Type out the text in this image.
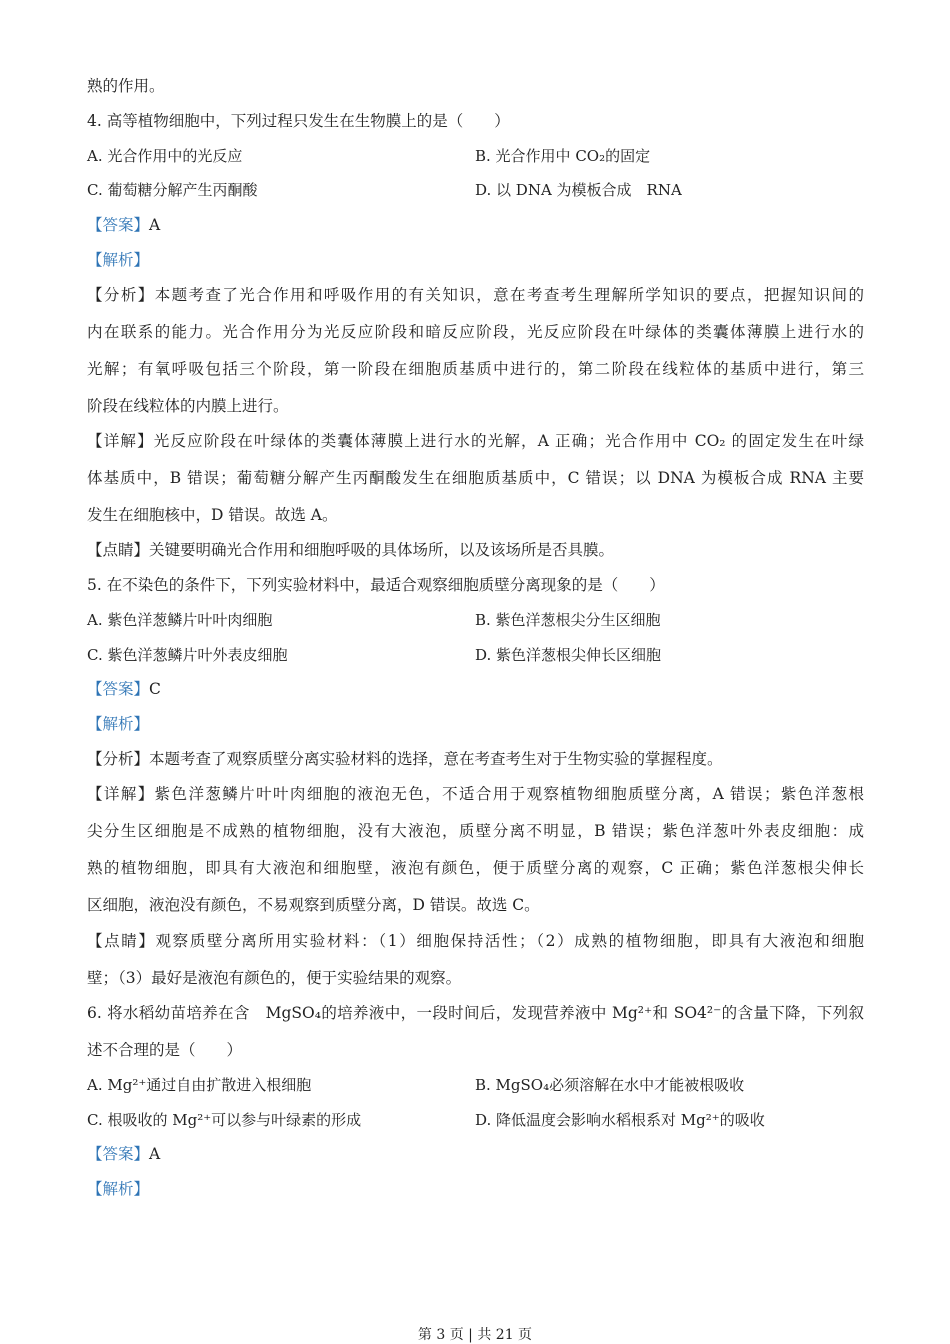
熟的作用。
4. 高等植物细胞中，下列过程只发生在生物膜上的是（　　）
A. 光合作用中的光反应	B. 光合作用中 CO₂的固定
C. 葡萄糖分解产生丙酮酸	D. 以 DNA 为模板合成　RNA
【答案】A
【解析】
【分析】本题考查了光合作用和呼吸作用的有关知识，意在考查考生理解所学知识的要点，把握知识间的
内在联系的能力。光合作用分为光反应阶段和暗反应阶段，光反应阶段在叶绿体的类囊体薄膜上进行水的
光解；有氧呼吸包括三个阶段，第一阶段在细胞质基质中进行的，第二阶段在线粒体的基质中进行，第三
阶段在线粒体的内膜上进行。
【详解】光反应阶段在叶绿体的类囊体薄膜上进行水的光解，A 正确；光合作用中 CO₂ 的固定发生在叶绿
体基质中，B 错误；葡萄糖分解产生丙酮酸发生在细胞质基质中，C 错误；以 DNA 为模板合成 RNA 主要
发生在细胞核中，D 错误。故选 A。
【点睛】关键要明确光合作用和细胞呼吸的具体场所，以及该场所是否具膜。
5. 在不染色的条件下，下列实验材料中，最适合观察细胞质壁分离现象的是（　　）
A. 紫色洋葱鳞片叶叶肉细胞	B. 紫色洋葱根尖分生区细胞
C. 紫色洋葱鳞片叶外表皮细胞	D. 紫色洋葱根尖伸长区细胞
【答案】C
【解析】
【分析】本题考查了观察质壁分离实验材料的选择，意在考查考生对于生物实验的掌握程度。
【详解】紫色洋葱鳞片叶叶肉细胞的液泡无色，不适合用于观察植物细胞质壁分离，A 错误；紫色洋葱根
尖分生区细胞是不成熟的植物细胞，没有大液泡，质壁分离不明显，B 错误；紫色洋葱叶外表皮细胞：成
熟的植物细胞，即具有大液泡和细胞壁，液泡有颜色，便于质壁分离的观察，C 正确；紫色洋葱根尖伸长
区细胞，液泡没有颜色，不易观察到质壁分离，D 错误。故选 C。
【点睛】观察质壁分离所用实验材料：（1）细胞保持活性；（2）成熟的植物细胞，即具有大液泡和细胞
壁；（3）最好是液泡有颜色的，便于实验结果的观察。
6. 将水稻幼苗培养在含　MgSO₄的培养液中，一段时间后，发现营养液中 Mg²⁺和 SO4²⁻的含量下降，下列叙
述不合理的是（　　）
A. Mg²⁺通过自由扩散进入根细胞	B. MgSO₄必须溶解在水中才能被根吸收
C. 根吸收的 Mg²⁺可以参与叶绿素的形成	D. 降低温度会影响水稻根系对 Mg²⁺的吸收
【答案】A
【解析】
第 3 页 | 共 21 页
